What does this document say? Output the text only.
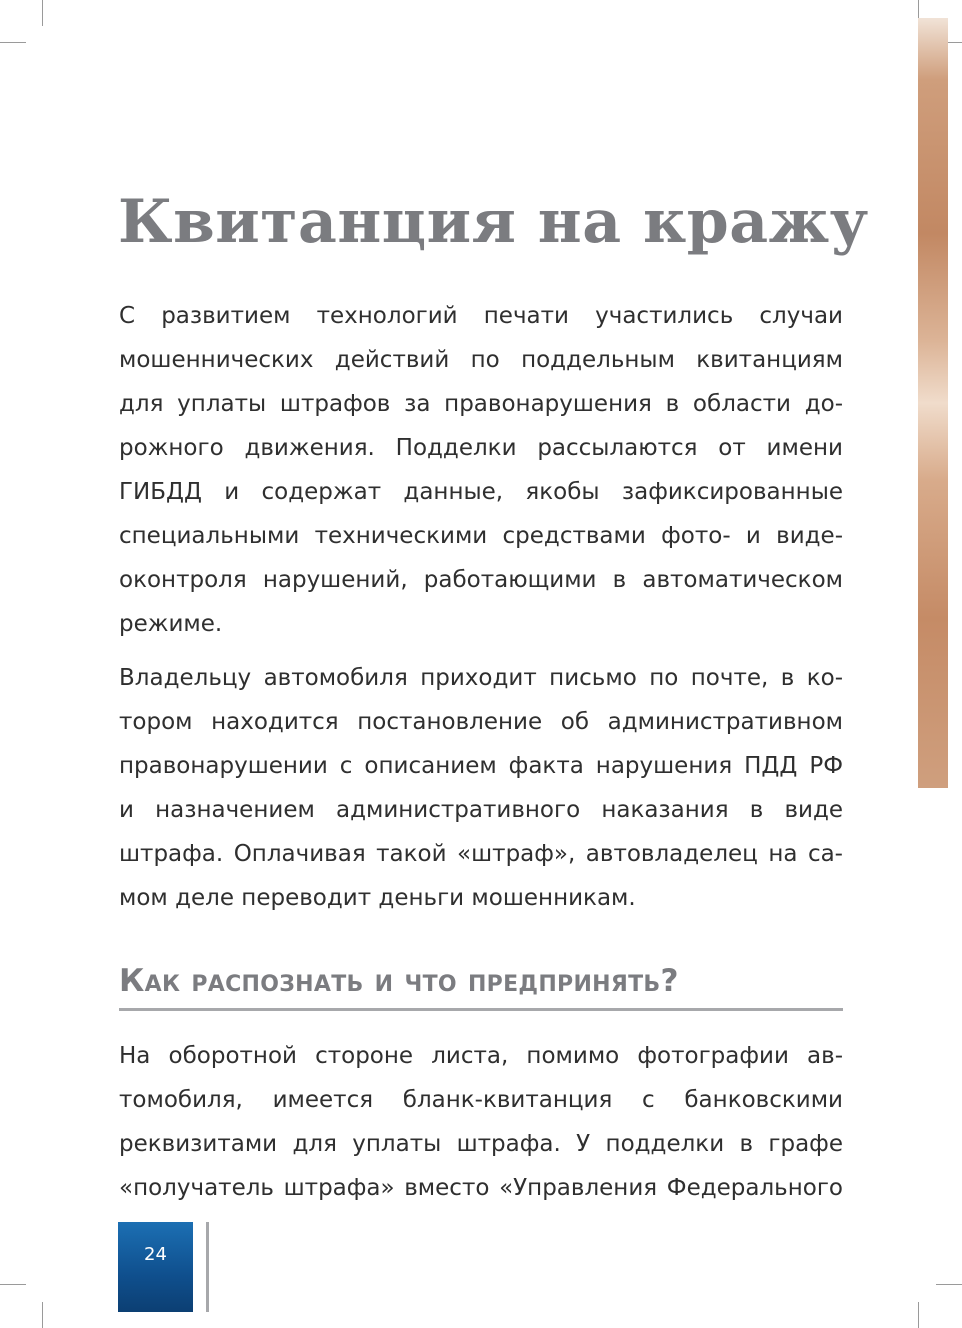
Квитанция на кражу
С развитием технологий печати участились случаи
мошеннических действий по поддельным квитанциям
для уплаты штрафов за правонарушения в области до-
рожного движения. Подделки рассылаются от имени
ГИБДД и содержат данные, якобы зафиксированные
специальными техническими средствами фото- и виде-
оконтроля нарушений, работающими в автоматическом
режиме.
Владельцу автомобиля приходит письмо по почте, в ко-
тором находится постановление об административном
правонарушении с описанием факта нарушения ПДД РФ
и назначением административного наказания в виде
штрафа. Оплачивая такой «штраф», автовладелец на са-
мом деле переводит деньги мошенникам.
Как распознать и что предпринять?
На оборотной стороне листа, помимо фотографии ав-
томобиля, имеется бланк-квитанция с банковскими
реквизитами для уплаты штрафа. У подделки в графе
«получатель штрафа» вместо «Управления Федерального
24
